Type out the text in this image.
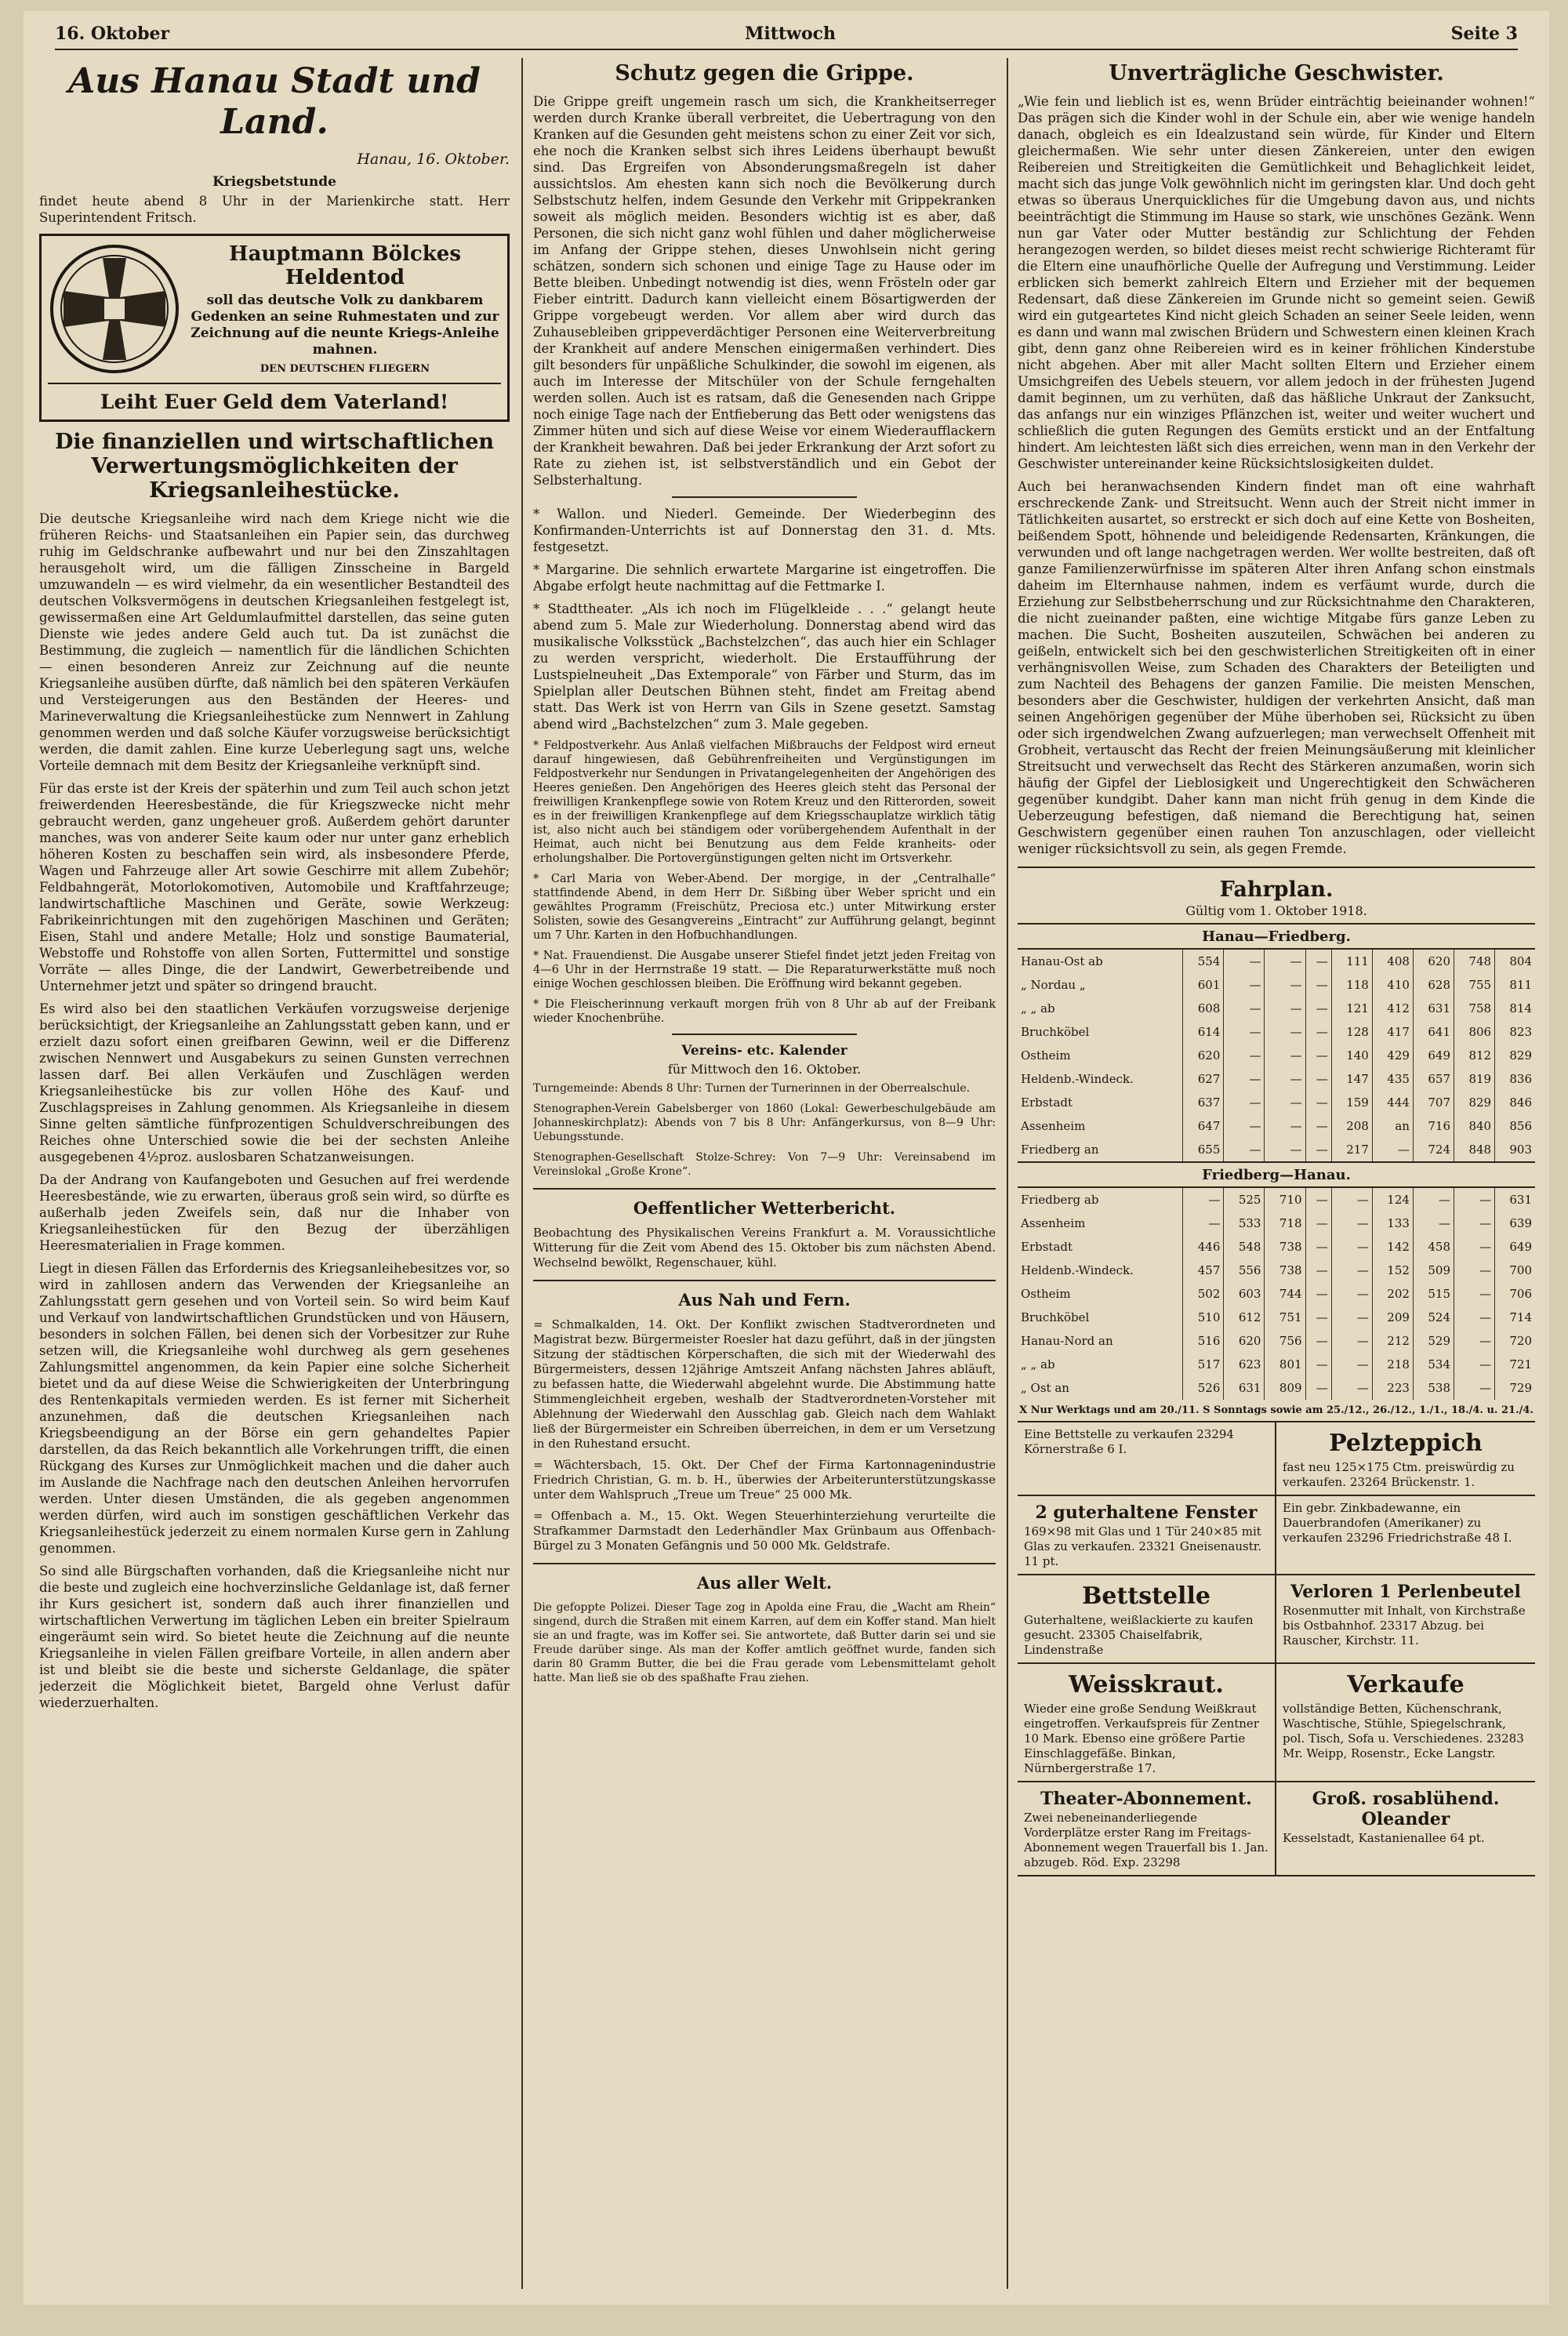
16. Oktober	Mittwoch	Seite 3
Aus Hanau Stadt und Land.
Hanau, 16. Oktober.
Kriegsbetstunde

findet heute abend 8 Uhr in der Marienkirche statt. Herr Superintendent Fritsch.

Hauptmann Bölckes Heldentod
soll das deutsche Volk zu dankbarem Gedenken an seine Ruhmestaten und zur Zeichnung auf die neunte Kriegs-Anleihe mahnen.
DEN DEUTSCHEN FLIEGERN
Leiht Euer Geld dem Vaterland!
Die finanziellen und wirtschaftlichen Verwertungsmöglichkeiten der Kriegsanleihestücke.

Die deutsche Kriegsanleihe wird nach dem Kriege nicht wie die früheren Reichs- und Staatsanleihen ein Papier sein, das durchweg ruhig im Geldschranke aufbewahrt und nur bei den Zinszahltagen herausgeholt wird, um die fälligen Zinsscheine in Bargeld umzuwandeln — es wird vielmehr, da ein wesentlicher Bestandteil des deutschen Volksvermögens in deutschen Kriegsanleihen festgelegt ist, gewissermaßen eine Art Geldumlaufmittel darstellen, das seine guten Dienste wie jedes andere Geld auch tut. Da ist zunächst die Bestimmung, die zugleich — namentlich für die ländlichen Schichten — einen besonderen Anreiz zur Zeichnung auf die neunte Kriegsanleihe ausüben dürfte, daß nämlich bei den späteren Verkäufen und Versteigerungen aus den Beständen der Heeres- und Marineverwaltung die Kriegsanleihestücke zum Nennwert in Zahlung genommen werden und daß solche Käufer vorzugsweise berücksichtigt werden, die damit zahlen. Eine kurze Ueberlegung sagt uns, welche Vorteile demnach mit dem Besitz der Kriegsanleihe verknüpft sind.

Für das erste ist der Kreis der späterhin und zum Teil auch schon jetzt freiwerdenden Heeresbestände, die für Kriegszwecke nicht mehr gebraucht werden, ganz ungeheuer groß. Außerdem gehört darunter manches, was von anderer Seite kaum oder nur unter ganz erheblich höheren Kosten zu beschaffen sein wird, als insbesondere Pferde, Wagen und Fahrzeuge aller Art sowie Geschirre mit allem Zubehör; Feldbahngerät, Motorlokomotiven, Automobile und Kraftfahrzeuge; landwirtschaftliche Maschinen und Geräte, sowie Werkzeug: Fabrikeinrichtungen mit den zugehörigen Maschinen und Geräten; Eisen, Stahl und andere Metalle; Holz und sonstige Baumaterial, Webstoffe und Rohstoffe von allen Sorten, Futtermittel und sonstige Vorräte — alles Dinge, die der Landwirt, Gewerbetreibende und Unternehmer jetzt und später so dringend braucht.

Es wird also bei den staatlichen Verkäufen vorzugsweise derjenige berücksichtigt, der Kriegsanleihe an Zahlungsstatt geben kann, und er erzielt dazu sofort einen greifbaren Gewinn, weil er die Differenz zwischen Nennwert und Ausgabekurs zu seinen Gunsten verrechnen lassen darf. Bei allen Verkäufen und Zuschlägen werden Kriegsanleihestücke bis zur vollen Höhe des Kauf- und Zuschlagspreises in Zahlung genommen. Als Kriegsanleihe in diesem Sinne gelten sämtliche fünfprozentigen Schuldverschreibungen des Reiches ohne Unterschied sowie die bei der sechsten Anleihe ausgegebenen 4½proz. auslosbaren Schatzanweisungen.

Da der Andrang von Kaufangeboten und Gesuchen auf frei werdende Heeresbestände, wie zu erwarten, überaus groß sein wird, so dürfte es außerhalb jeden Zweifels sein, daß nur die Inhaber von Kriegsanleihestücken für den Bezug der überzähligen Heeresmaterialien in Frage kommen.

Liegt in diesen Fällen das Erfordernis des Kriegsanleihebesitzes vor, so wird in zahllosen andern das Verwenden der Kriegsanleihe an Zahlungsstatt gern gesehen und von Vorteil sein. So wird beim Kauf und Verkauf von landwirtschaftlichen Grundstücken und von Häusern, besonders in solchen Fällen, bei denen sich der Vorbesitzer zur Ruhe setzen will, die Kriegsanleihe wohl durchweg als gern gesehenes Zahlungsmittel angenommen, da kein Papier eine solche Sicherheit bietet und da auf diese Weise die Schwierigkeiten der Unterbringung des Rentenkapitals vermieden werden. Es ist ferner mit Sicherheit anzunehmen, daß die deutschen Kriegsanleihen nach Kriegsbeendigung an der Börse ein gern gehandeltes Papier darstellen, da das Reich bekanntlich alle Vorkehrungen trifft, die einen Rückgang des Kurses zur Unmöglichkeit machen und die daher auch im Auslande die Nachfrage nach den deutschen Anleihen hervorrufen werden. Unter diesen Umständen, die als gegeben angenommen werden dürfen, wird auch im sonstigen geschäftlichen Verkehr das Kriegsanleihestück jederzeit zu einem normalen Kurse gern in Zahlung genommen.

So sind alle Bürgschaften vorhanden, daß die Kriegsanleihe nicht nur die beste und zugleich eine hochverzinsliche Geldanlage ist, daß ferner ihr Kurs gesichert ist, sondern daß auch ihrer finanziellen und wirtschaftlichen Verwertung im täglichen Leben ein breiter Spielraum eingeräumt sein wird. So bietet heute die Zeichnung auf die neunte Kriegsanleihe in vielen Fällen greifbare Vorteile, in allen andern aber ist und bleibt sie die beste und sicherste Geldanlage, die später jederzeit die Möglichkeit bietet, Bargeld ohne Verlust dafür wiederzuerhalten.

Schutz gegen die Grippe.

Die Grippe greift ungemein rasch um sich, die Krankheitserreger werden durch Kranke überall verbreitet, die Uebertragung von den Kranken auf die Gesunden geht meistens schon zu einer Zeit vor sich, ehe noch die Kranken selbst sich ihres Leidens überhaupt bewußt sind. Das Ergreifen von Absonderungsmaßregeln ist daher aussichtslos. Am ehesten kann sich noch die Bevölkerung durch Selbstschutz helfen, indem Gesunde den Verkehr mit Grippekranken soweit als möglich meiden. Besonders wichtig ist es aber, daß Personen, die sich nicht ganz wohl fühlen und daher möglicherweise im Anfang der Grippe stehen, dieses Unwohlsein nicht gering schätzen, sondern sich schonen und einige Tage zu Hause oder im Bette bleiben. Unbedingt notwendig ist dies, wenn Frösteln oder gar Fieber eintritt. Dadurch kann vielleicht einem Bösartigwerden der Grippe vorgebeugt werden. Vor allem aber wird durch das Zuhausebleiben grippeverdächtiger Personen eine Weiterverbreitung der Krankheit auf andere Menschen einigermaßen verhindert. Dies gilt besonders für unpäßliche Schulkinder, die sowohl im eigenen, als auch im Interesse der Mitschüler von der Schule ferngehalten werden sollen. Auch ist es ratsam, daß die Genesenden nach Grippe noch einige Tage nach der Entfieberung das Bett oder wenigstens das Zimmer hüten und sich auf diese Weise vor einem Wiederaufflackern der Krankheit bewahren. Daß bei jeder Erkrankung der Arzt sofort zu Rate zu ziehen ist, ist selbstverständlich und ein Gebot der Selbsterhaltung.

* Wallon. und Niederl. Gemeinde. Der Wiederbeginn des Konfirmanden-Unterrichts ist auf Donnerstag den 31. d. Mts. festgesetzt.

* Margarine. Die sehnlich erwartete Margarine ist eingetroffen. Die Abgabe erfolgt heute nachmittag auf die Fettmarke I.

* Stadttheater. „Als ich noch im Flügelkleide . . .“ gelangt heute abend zum 5. Male zur Wiederholung. Donnerstag abend wird das musikalische Volksstück „Bachstelzchen“, das auch hier ein Schlager zu werden verspricht, wiederholt. Die Erstaufführung der Lustspielneuheit „Das Extemporale“ von Färber und Sturm, das im Spielplan aller Deutschen Bühnen steht, findet am Freitag abend statt. Das Werk ist von Herrn van Gils in Szene gesetzt. Samstag abend wird „Bachstelzchen“ zum 3. Male gegeben.

* Feldpostverkehr. Aus Anlaß vielfachen Mißbrauchs der Feldpost wird erneut darauf hingewiesen, daß Gebührenfreiheiten und Vergünstigungen im Feldpostverkehr nur Sendungen in Privatangelegenheiten der Angehörigen des Heeres genießen. Den Angehörigen des Heeres gleich steht das Personal der freiwilligen Krankenpflege sowie von Rotem Kreuz und den Ritterorden, soweit es in der freiwilligen Krankenpflege auf dem Kriegsschauplatze wirklich tätig ist, also nicht auch bei ständigem oder vorübergehendem Aufenthalt in der Heimat, auch nicht bei Benutzung aus dem Felde kranheits- oder erholungshalber. Die Portovergünstigungen gelten nicht im Ortsverkehr.

* Carl Maria von Weber-Abend. Der morgige, in der „Centralhalle“ stattfindende Abend, in dem Herr Dr. Sißbing über Weber spricht und ein gewähltes Programm (Freischütz, Preciosa etc.) unter Mitwirkung erster Solisten, sowie des Gesangvereins „Eintracht“ zur Aufführung gelangt, beginnt um 7 Uhr. Karten in den Hofbuchhandlungen.

* Nat. Frauendienst. Die Ausgabe unserer Stiefel findet jetzt jeden Freitag von 4—6 Uhr in der Herrnstraße 19 statt. — Die Reparaturwerkstätte muß noch einige Wochen geschlossen bleiben. Die Eröffnung wird bekannt gegeben.

* Die Fleischerinnung verkauft morgen früh von 8 Uhr ab auf der Freibank wieder Knochenbrühe.

Vereins- etc. Kalender
für Mittwoch den 16. Oktober.

Turngemeinde: Abends 8 Uhr: Turnen der Turnerinnen in der Oberrealschule.

Stenographen-Verein Gabelsberger von 1860 (Lokal: Gewerbeschulgebäude am Johanneskirchplatz): Abends von 7 bis 8 Uhr: Anfängerkursus, von 8—9 Uhr: Uebungsstunde.

Stenographen-Gesellschaft Stolze-Schrey: Von 7—9 Uhr: Vereinsabend im Vereinslokal „Große Krone“.

Oeffentlicher Wetterbericht.

Beobachtung des Physikalischen Vereins Frankfurt a. M. Voraussichtliche Witterung für die Zeit vom Abend des 15. Oktober bis zum nächsten Abend. Wechselnd bewölkt, Regenschauer, kühl.

Aus Nah und Fern.

= Schmalkalden, 14. Okt. Der Konflikt zwischen Stadtverordneten und Magistrat bezw. Bürgermeister Roesler hat dazu geführt, daß in der jüngsten Sitzung der städtischen Körperschaften, die sich mit der Wiederwahl des Bürgermeisters, dessen 12jährige Amtszeit Anfang nächsten Jahres abläuft, zu befassen hatte, die Wiederwahl abgelehnt wurde. Die Abstimmung hatte Stimmengleichheit ergeben, weshalb der Stadtverordneten-Vorsteher mit Ablehnung der Wiederwahl den Ausschlag gab. Gleich nach dem Wahlakt ließ der Bürgermeister ein Schreiben überreichen, in dem er um Versetzung in den Ruhestand ersucht.

= Wächtersbach, 15. Okt. Der Chef der Firma Kartonnagenindustrie Friedrich Christian, G. m. b. H., überwies der Arbeiterunterstützungskasse unter dem Wahlspruch „Treue um Treue“ 25 000 Mk.

= Offenbach a. M., 15. Okt. Wegen Steuerhinterziehung verurteilte die Strafkammer Darmstadt den Lederhändler Max Grünbaum aus Offenbach-Bürgel zu 3 Monaten Gefängnis und 50 000 Mk. Geldstrafe.

Aus aller Welt.

Die gefoppte Polizei. Dieser Tage zog in Apolda eine Frau, die „Wacht am Rhein“ singend, durch die Straßen mit einem Karren, auf dem ein Koffer stand. Man hielt sie an und fragte, was im Koffer sei. Sie antwortete, daß Butter darin sei und sie Freude darüber singe. Als man der Koffer amtlich geöffnet wurde, fanden sich darin 80 Gramm Butter, die bei die Frau gerade vom Lebensmittelamt geholt hatte. Man ließ sie ob des spaßhafte Frau ziehen.

Unverträgliche Geschwister.

„Wie fein und lieblich ist es, wenn Brüder einträchtig beieinander wohnen!“ Das prägen sich die Kinder wohl in der Schule ein, aber wie wenige handeln danach, obgleich es ein Idealzustand sein würde, für Kinder und Eltern gleichermaßen. Wie sehr unter diesen Zänkereien, unter den ewigen Reibereien und Streitigkeiten die Gemütlichkeit und Behaglichkeit leidet, macht sich das junge Volk gewöhnlich nicht im geringsten klar. Und doch geht etwas so überaus Unerquickliches für die Umgebung davon aus, und nichts beeinträchtigt die Stimmung im Hause so stark, wie unschönes Gezänk. Wenn nun gar Vater oder Mutter beständig zur Schlichtung der Fehden herangezogen werden, so bildet dieses meist recht schwierige Richteramt für die Eltern eine unaufhörliche Quelle der Aufregung und Verstimmung. Leider erblicken sich bemerkt zahlreich Eltern und Erzieher mit der bequemen Redensart, daß diese Zänkereien im Grunde nicht so gemeint seien. Gewiß wird ein gutgeartetes Kind nicht gleich Schaden an seiner Seele leiden, wenn es dann und wann mal zwischen Brüdern und Schwestern einen kleinen Krach gibt, denn ganz ohne Reibereien wird es in keiner fröhlichen Kinderstube nicht abgehen. Aber mit aller Macht sollten Eltern und Erzieher einem Umsichgreifen des Uebels steuern, vor allem jedoch in der frühesten Jugend damit beginnen, um zu verhüten, daß das häßliche Unkraut der Zanksucht, das anfangs nur ein winziges Pflänzchen ist, weiter und weiter wuchert und schließlich die guten Regungen des Gemüts erstickt und an der Entfaltung hindert. Am leichtesten läßt sich dies erreichen, wenn man in den Verkehr der Geschwister untereinander keine Rücksichtslosigkeiten duldet.

Auch bei heranwachsenden Kindern findet man oft eine wahrhaft erschreckende Zank- und Streitsucht. Wenn auch der Streit nicht immer in Tätlichkeiten ausartet, so erstreckt er sich doch auf eine Kette von Bosheiten, beißendem Spott, höhnende und beleidigende Redensarten, Kränkungen, die verwunden und oft lange nachgetragen werden. Wer wollte bestreiten, daß oft ganze Familienzerwürfnisse im späteren Alter ihren Anfang schon einstmals daheim im Elternhause nahmen, indem es verfäumt wurde, durch die Erziehung zur Selbstbeherrschung und zur Rücksichtnahme den Charakteren, die nicht zueinander paßten, eine wichtige Mitgabe fürs ganze Leben zu machen. Die Sucht, Bosheiten auszuteilen, Schwächen bei anderen zu geißeln, entwickelt sich bei den geschwisterlichen Streitigkeiten oft in einer verhängnisvollen Weise, zum Schaden des Charakters der Beteiligten und zum Nachteil des Behagens der ganzen Familie. Die meisten Menschen, besonders aber die Geschwister, huldigen der verkehrten Ansicht, daß man seinen Angehörigen gegenüber der Mühe überhoben sei, Rücksicht zu üben oder sich irgendwelchen Zwang aufzuerlegen; man verwechselt Offenheit mit Grobheit, vertauscht das Recht der freien Meinungsäußerung mit kleinlicher Streitsucht und verwechselt das Recht des Stärkeren anzumaßen, worin sich häufig der Gipfel der Lieblosigkeit und Ungerechtigkeit den Schwächeren gegenüber kundgibt. Daher kann man nicht früh genug in dem Kinde die Ueberzeugung befestigen, daß niemand die Berechtigung hat, seinen Geschwistern gegenüber einen rauhen Ton anzuschlagen, oder vielleicht weniger rücksichtsvoll zu sein, als gegen Fremde.

Fahrplan.
Gültig vom 1. Oktober 1918.
Hanau—Friedberg.									
Hanau-Ost ab	554	—	—	—	111	408	620	748	804
„ Nordau „	601	—	—	—	118	410	628	755	811
„ „ ab	608	—	—	—	121	412	631	758	814
Bruchköbel	614	—	—	—	128	417	641	806	823
Ostheim	620	—	—	—	140	429	649	812	829
Heldenb.-Windeck.	627	—	—	—	147	435	657	819	836
Erbstadt	637	—	—	—	159	444	707	829	846
Assenheim	647	—	—	—	208	an	716	840	856
Friedberg an	655	—	—	—	217	—	724	848	903
Friedberg—Hanau.									
Friedberg ab	—	525	710	—	—	124	—	—	631
Assenheim	—	533	718	—	—	133	—	—	639
Erbstadt	446	548	738	—	—	142	458	—	649
Heldenb.-Windeck.	457	556	738	—	—	152	509	—	700
Ostheim	502	603	744	—	—	202	515	—	706
Bruchköbel	510	612	751	—	—	209	524	—	714
Hanau-Nord an	516	620	756	—	—	212	529	—	720
„ „ ab	517	623	801	—	—	218	534	—	721
„ Ost an	526	631	809	—	—	223	538	—	729
X Nur Werktags und am 20./11. S Sonntags sowie am 25./12., 26./12., 1./1., 18./4. u. 21./4.
Eine Bettstelle zu verkaufen 23294 Körnerstraße 6 I.	Pelzteppich
fast neu 125×175 Ctm. preiswürdig zu verkaufen. 23264 Brückenstr. 1.
2 guterhaltene Fenster
169×98 mit Glas und 1 Tür 240×85 mit Glas zu verkaufen. 23321 Gneisenaustr. 11 pt.
Ein gebr. Zinkbadewanne, ein Dauerbrandofen (Amerikaner) zu verkaufen 23296 Friedrichstraße 48 I.
Bettstelle
Guterhaltene, weißlackierte zu kaufen gesucht. 23305 Chaiselfabrik, Lindenstraße
Verloren 1 Perlenbeutel
Rosenmutter mit Inhalt, von Kirchstraße bis Ostbahnhof. 23317 Abzug. bei Rauscher, Kirchstr. 11.
Weisskraut.
Wieder eine große Sendung Weißkraut eingetroffen. Verkaufspreis für Zentner 10 Mark. Ebenso eine größere Partie Einschlaggefäße. Binkan, Nürnbergerstraße 17.
Verkaufe
vollständige Betten, Küchenschrank, Waschtische, Stühle, Spiegelschrank, pol. Tisch, Sofa u. Verschiedenes. 23283 Mr. Weipp, Rosenstr., Ecke Langstr.
Theater-Abonnement.
Zwei nebeneinanderliegende Vorderplätze erster Rang im Freitags-Abonnement wegen Trauerfall bis 1. Jan. abzugeb. Röd. Exp. 23298
Groß. rosablühend. Oleander
Kesselstadt, Kastanienallee 64 pt.
